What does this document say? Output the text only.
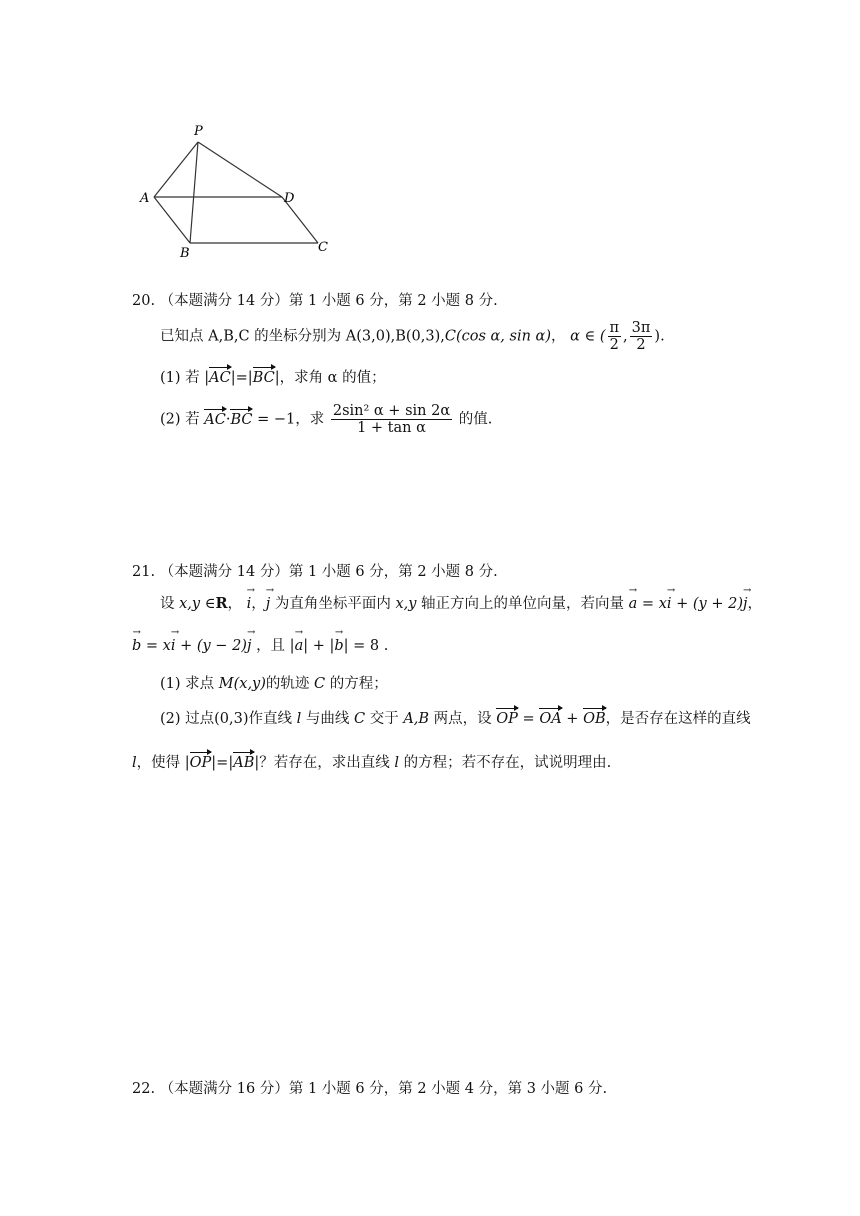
P
A	D
B	C
20. （本题满分 14 分）第 1 小题 6 分，第 2 小题 8 分.
已知点 A,B,C 的坐标分别为 A(3,0),B(0,3),C(cos α, sin α)， α ∈ ( $\frac{\pi}{2}$ , $\frac{3\pi}{2}$ ).
(1) 若 |AC|=|BC|，求角 α 的值；
(2) 若 AC·BC = −1，求 $\frac{\text{2sin² α + sin 2α}}{\text{1 + tan α}}$ 的值.
21. （本题满分 14 分）第 1 小题 6 分，第 2 小题 8 分.
设 x,y ∈R， i →，j → 为直角坐标平面内 x,y 轴正方向上的单位向量，若向量 a → = xi → + (y + 2)j →，
b → = xi → + (y − 2)j → ，且 |a →| + |b →| = 8 .
(1) 求点 M(x,y)的轨迹 C 的方程；
(2) 过点(0,3)作直线 l 与曲线 C 交于 A,B 两点，设 OP = OA + OB，是否存在这样的直线
l，使得 |OP|=|AB|？若存在，求出直线 l 的方程；若不存在，试说明理由.
22. （本题满分 16 分）第 1 小题 6 分，第 2 小题 4 分，第 3 小题 6 分.
